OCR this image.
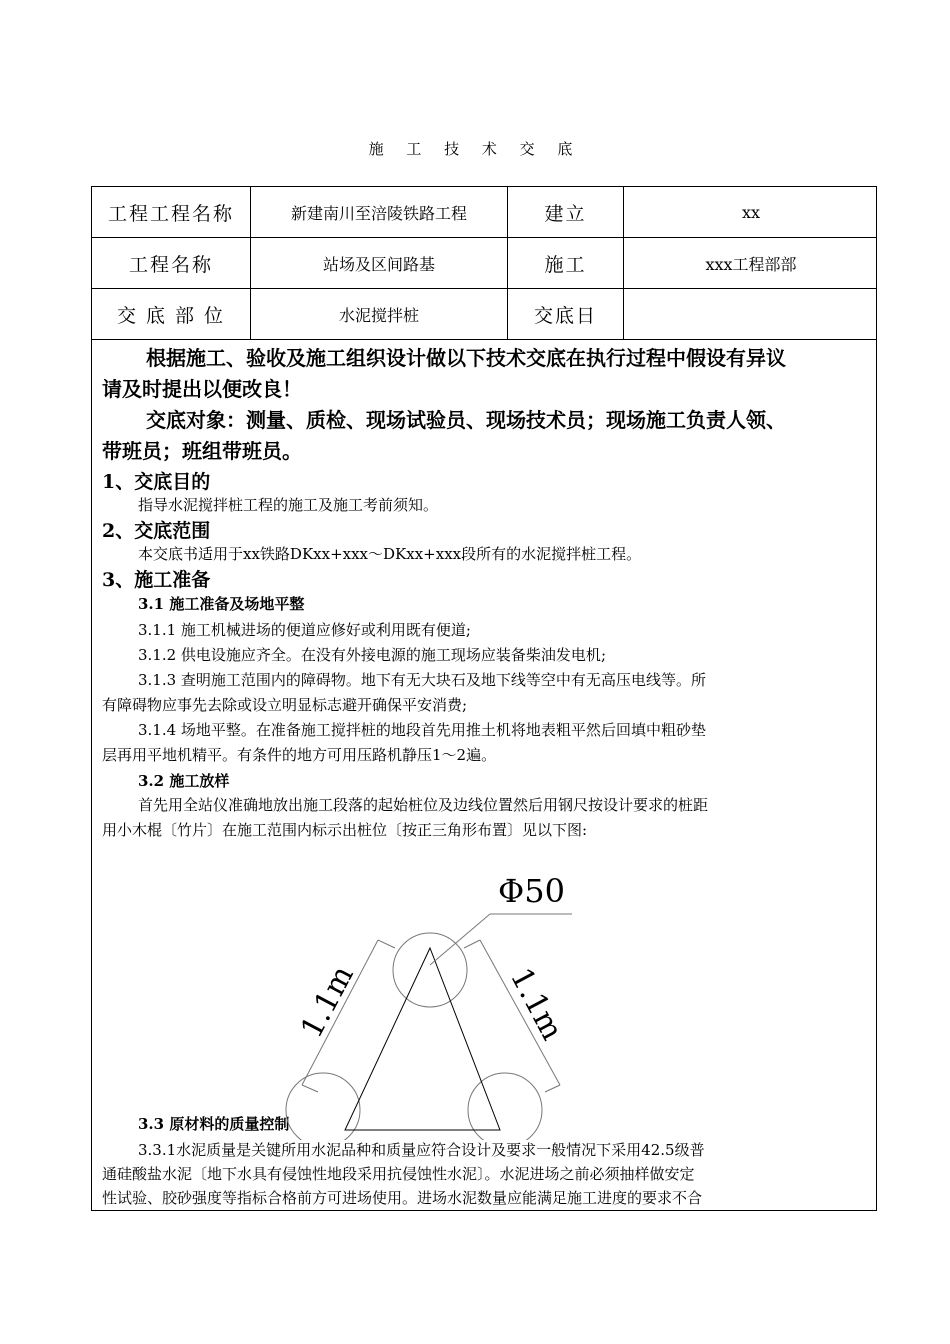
施 工 技 术 交 底
工程工程名称	新建南川至涪陵铁路工程	建立	xx
工程名称	站场及区间路基	施工	xxx工程部部
交 底 部 位	水泥搅拌桩	交底日
根据施工、验收及施工组织设计做以下技术交底在执行过程中假设有异议
请及时提出以便改良！
交底对象：测量、质检、现场试验员、现场技术员；现场施工负责人领、
带班员；班组带班员。
1、交底目的
指导水泥搅拌桩工程的施工及施工考前须知。
2、交底范围
本交底书适用于xx铁路DKxx+xxx～DKxx+xxx段所有的水泥搅拌桩工程。
3、施工准备
3.1 施工准备及场地平整
3.1.1 施工机械进场的便道应修好或利用既有便道;
3.1.2 供电设施应齐全。在没有外接电源的施工现场应装备柴油发电机;
3.1.3 查明施工范围内的障碍物。地下有无大块石及地下线等空中有无高压电线等。所
有障碍物应事先去除或设立明显标志避开确保平安消费;
3.1.4 场地平整。在准备施工搅拌桩的地段首先用推土机将地表粗平然后回填中粗砂垫
层再用平地机精平。有条件的地方可用压路机静压1～2遍。
3.2 施工放样
首先用全站仪准确地放出施工段落的起始桩位及边线位置然后用钢尺按设计要求的桩距
用小木棍〔竹片〕在施工范围内标示出桩位〔按正三角形布置〕见以下图:
3.3 原材料的质量控制
3.3.1水泥质量是关键所用水泥品种和质量应符合设计及要求一般情况下采用42.5级普
通硅酸盐水泥〔地下水具有侵蚀性地段采用抗侵蚀性水泥〕。水泥进场之前必须抽样做安定
性试验、胶砂强度等指标合格前方可进场使用。进场水泥数量应能满足施工进度的要求不合
Φ50
1.1m	1.1m
